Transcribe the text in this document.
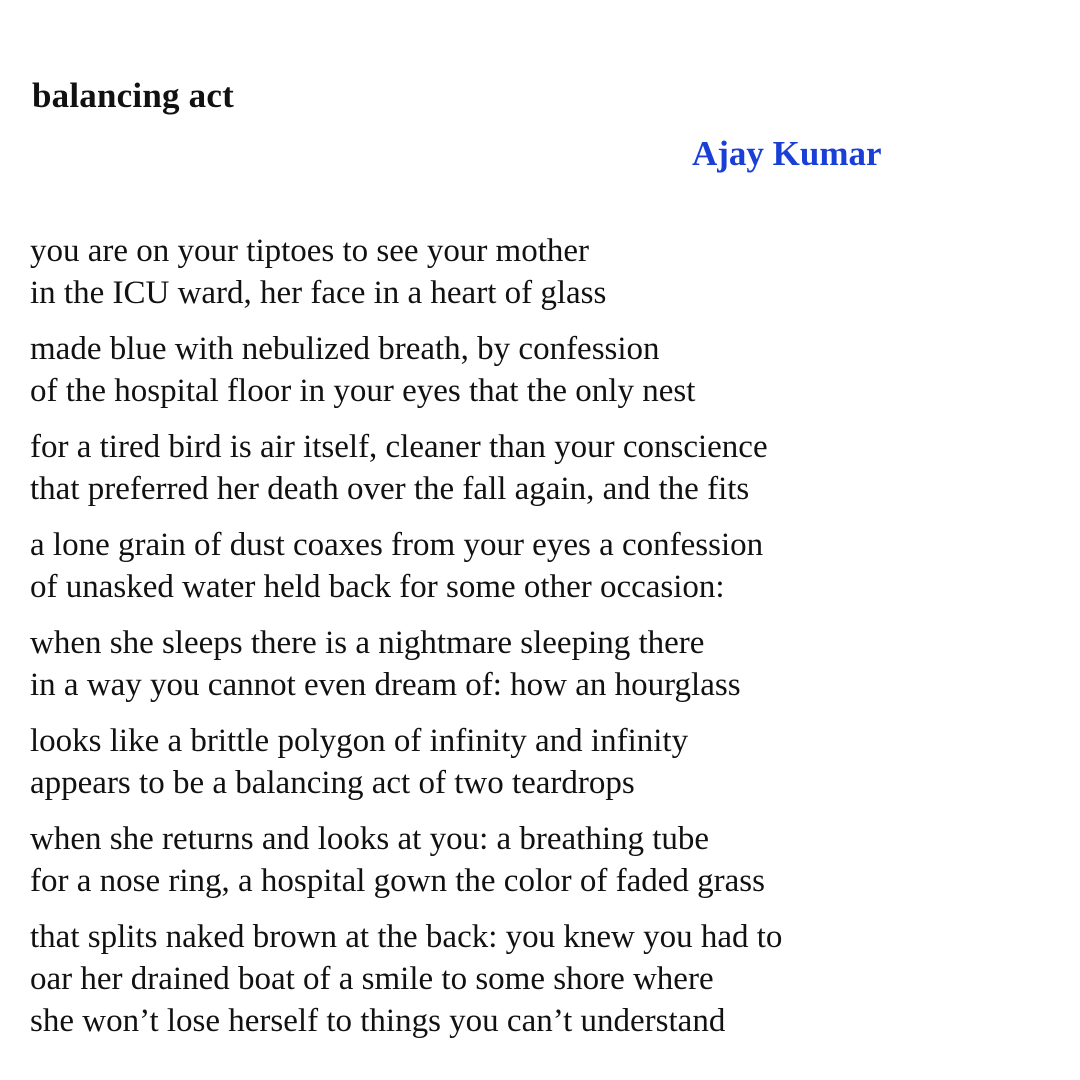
balancing act
Ajay Kumar
you are on your tiptoes to see your mother
in the ICU ward, her face in a heart of glass
made blue with nebulized breath, by confession
of the hospital floor in your eyes that the only nest
for a tired bird is air itself, cleaner than your conscience
that preferred her death over the fall again, and the fits
a lone grain of dust coaxes from your eyes a confession
of unasked water held back for some other occasion:
when she sleeps there is a nightmare sleeping there
in a way you cannot even dream of: how an hourglass
looks like a brittle polygon of infinity and infinity
appears to be a balancing act of two teardrops
when she returns and looks at you: a breathing tube
for a nose ring, a hospital gown the color of faded grass
that splits naked brown at the back: you knew you had to
oar her drained boat of a smile to some shore where
she won’t lose herself to things you can’t understand
